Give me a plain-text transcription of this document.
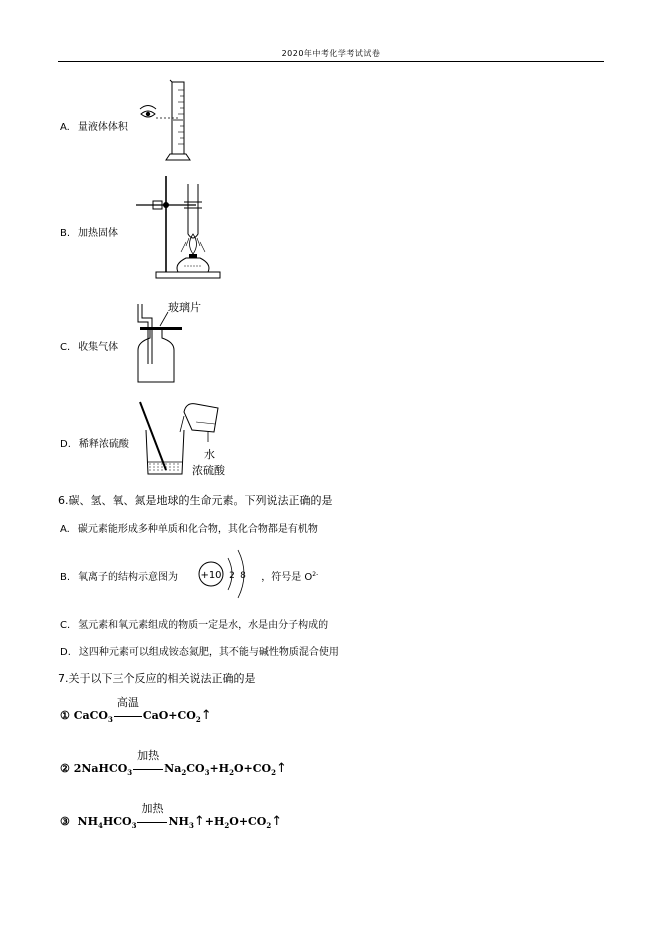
2020年中考化学考试试卷
A. 量液体体积
B. 加热固体
C. 收集气体
玻璃片
D. 稀释浓硫酸
水
浓硫酸
6.碳、氢、氧、氮是地球的生命元素。下列说法正确的是
A. 碳元素能形成多种单质和化合物，其化合物都是有机物
B. 氧离子的结构示意图为	，符号是 $O^{2-}$
+10 2 8
C. 氢元素和氧元素组成的物质一定是水，水是由分子构成的
D. 这四种元素可以组成铵态氮肥，其不能与碱性物质混合使用
7.关于以下三个反应的相关说法正确的是
① CaCO$_3$
高温
$CaO+CO_2↑$
② 2NaHCO$_3$
加热
$Na_2CO_3+H_2O+CO_2↑$
③ $NH_4HCO_3$
加热
$NH_3↑+H_2O+CO_2↑$
